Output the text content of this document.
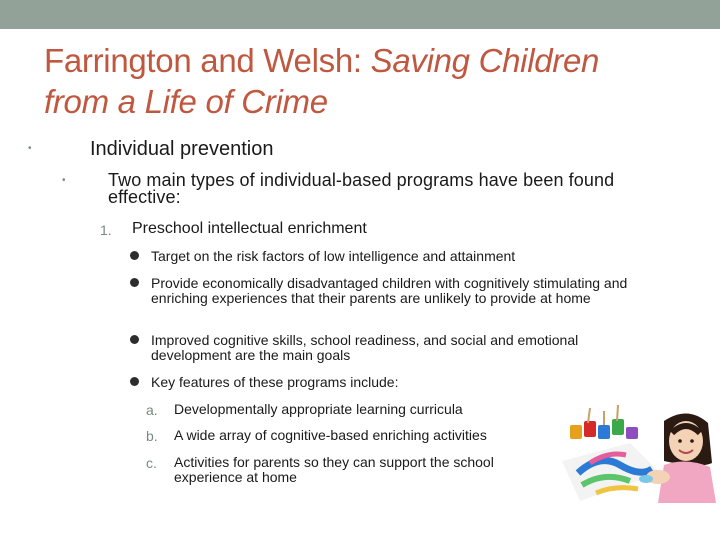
Farrington and Welsh: Saving Children
from a Life of Crime
•	Individual prevention
• Two main types of individual-based programs have been found effective:
1. Preschool intellectual enrichment
Target on the risk factors of low intelligence and attainment
Provide economically disadvantaged children with cognitively stimulating and enriching experiences that their parents are unlikely to provide at home
Improved cognitive skills, school readiness, and social and emotional development are the main goals
Key features of these programs include:
a. Developmentally appropriate learning curricula
b. A wide array of cognitive-based enriching activities
c. Activities for parents so they can support the school experience at home
